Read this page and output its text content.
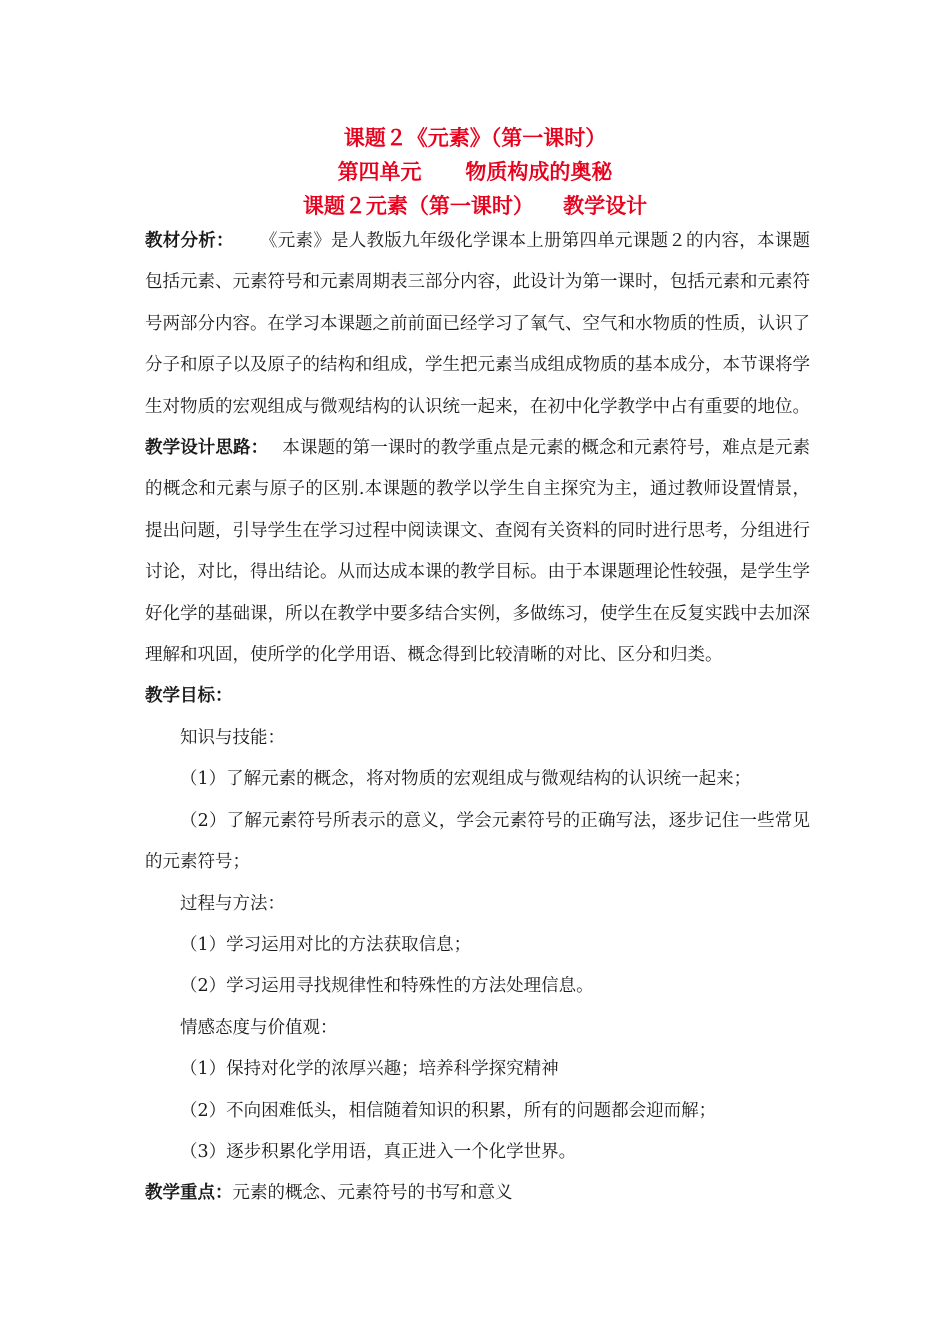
课题２《元素》（第一课时）
第四单元      物质构成的奥秘
课题２元素（第一课时）    教学设计

教材分析： 《元素》是人教版九年级化学课本上册第四单元课题２的内容，本课题包括元素、元素符号和元素周期表三部分内容，此设计为第一课时，包括元素和元素符号两部分内容。在学习本课题之前前面已经学习了氧气、空气和水物质的性质，认识了分子和原子以及原子的结构和组成，学生把元素当成组成物质的基本成分，本节课将学生对物质的宏观组成与微观结构的认识统一起来，在初中化学教学中占有重要的地位。

教学设计思路： 本课题的第一课时的教学重点是元素的概念和元素符号，难点是元素的概念和元素与原子的区别.本课题的教学以学生自主探究为主，通过教师设置情景，提出问题，引导学生在学习过程中阅读课文、查阅有关资料的同时进行思考，分组进行讨论，对比，得出结论。从而达成本课的教学目标。由于本课题理论性较强，是学生学好化学的基础课，所以在教学中要多结合实例，多做练习，使学生在反复实践中去加深理解和巩固，使所学的化学用语、概念得到比较清晰的对比、区分和归类。

教学目标：

知识与技能：

（1）了解元素的概念，将对物质的宏观组成与微观结构的认识统一起来；

（2）了解元素符号所表示的意义，学会元素符号的正确写法，逐步记住一些常见的元素符号；

过程与方法：

（1）学习运用对比的方法获取信息；

（2）学习运用寻找规律性和特殊性的方法处理信息。

情感态度与价值观：

（1）保持对化学的浓厚兴趣；培养科学探究精神

（2）不向困难低头，相信随着知识的积累，所有的问题都会迎而解；

（3）逐步积累化学用语，真正进入一个化学世界。

教学重点：元素的概念、元素符号的书写和意义
